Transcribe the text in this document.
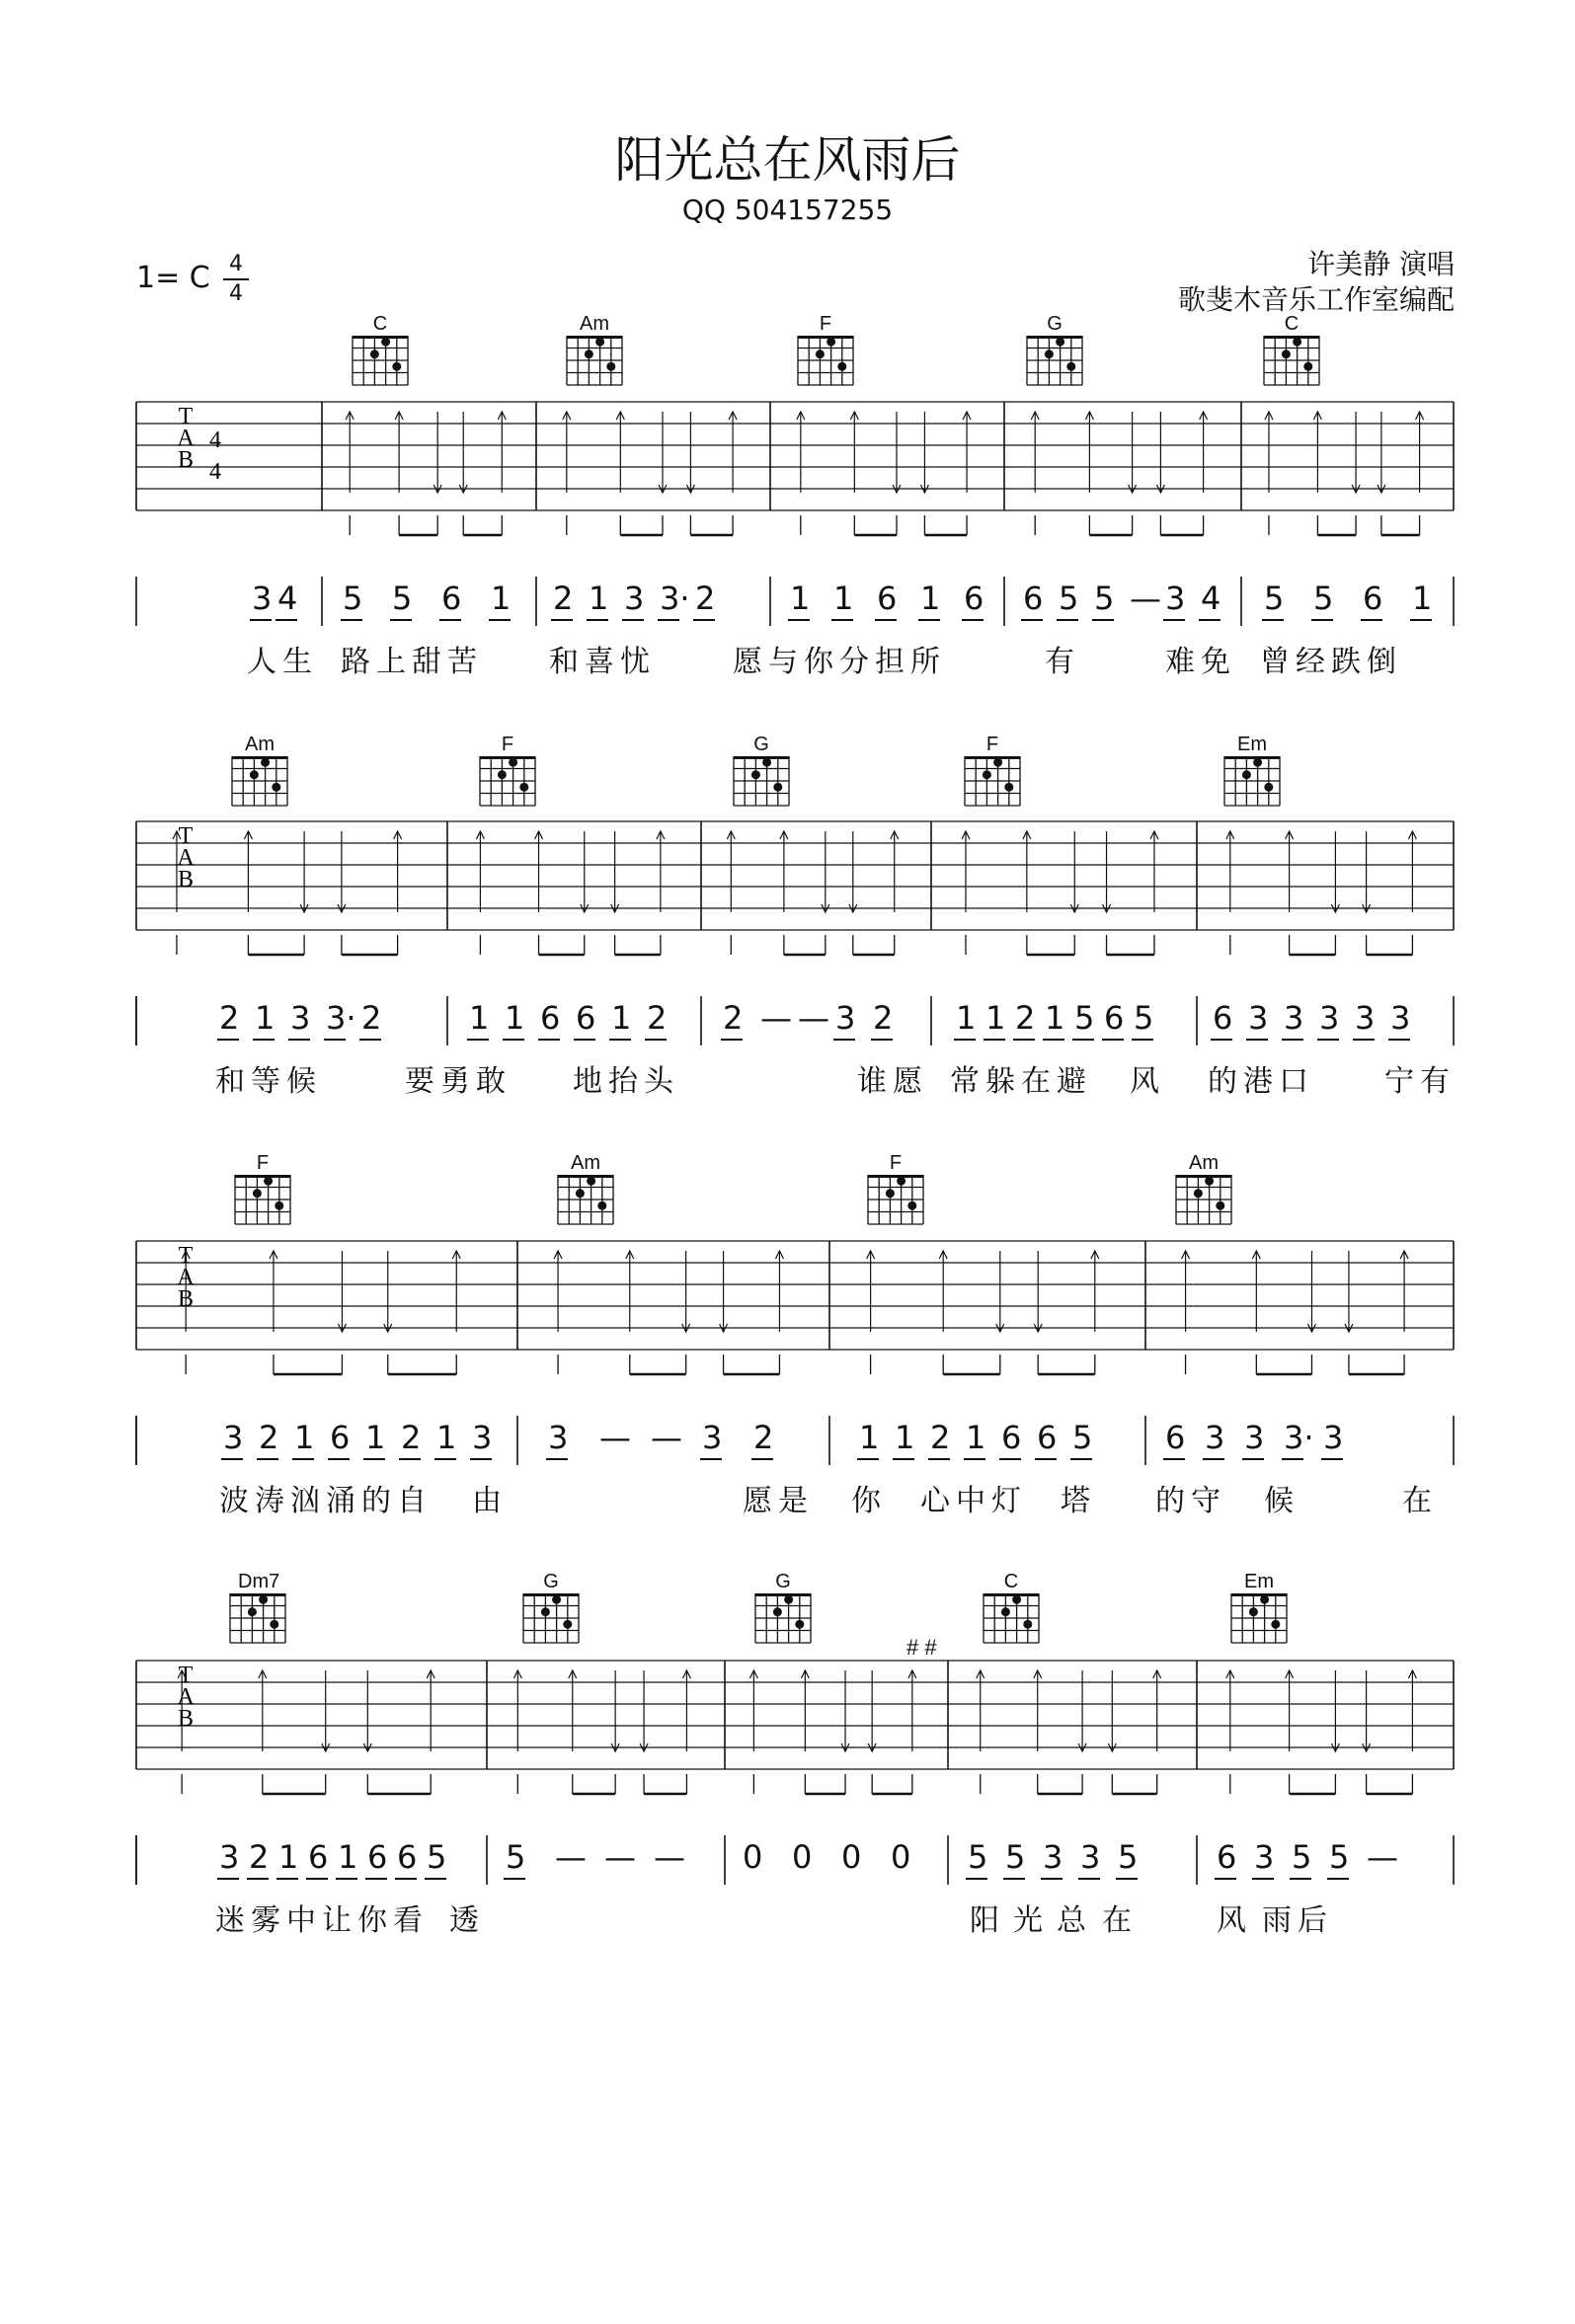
阳光总在风雨后
QQ 504157255
许美静 演唱
歌斐木音乐工作室编配
1= C 4
4
T
A
B
4
4
T
A
B
T
A
B
T
A
B
C	Am	F	G	C
3 4 5 5 6 1 2 1 3 3· 2 1 1 6 1 6 6 5 5 — 3 4 5 5 6 1
人生 路上甜苦 和喜忧	愿与你分担所	有	难免 曾经跌倒
Am	F	G	F	Em
2 1 3 3· 2	1 1 6 6 1 2 2 — — 3 2 1 1 2 1 5 6 5 6 3 3 3 3 3
和等候	要勇敢 地抬头	谁愿 常躲在避 风 的港口 宁有
F	Am	F	Am
3 2 1 6 1 2 1 3 3 — — 3 2	1 1 2 1 6 6 5 6 3 3 3· 3
波涛汹涌的自 由	愿是 你 心中灯 塔 的守 候	在
Dm7	G	G	C	Em
3 2 1 6 1 6 6 5 5 — — — 0 0 0 0 5 5 3 3 5 6 3 5 5 —
迷雾中让你看 透	阳 光 总 在	风 雨后
# #
